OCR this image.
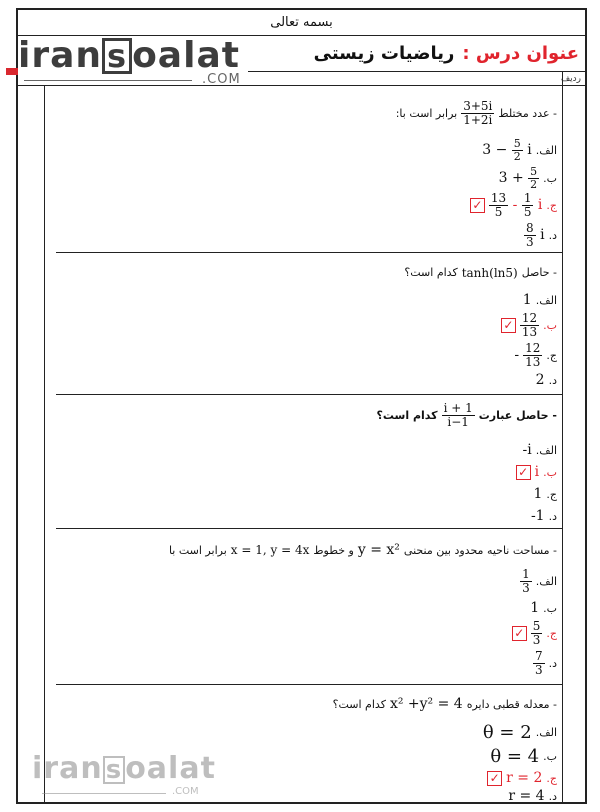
بسمه تعالی
iran s oalat	عنوان درس :ریاضیات زیستی
.COM	ردیف
- عدد مختلط
$\frac{3+5i}{1+2i}$
برابر است با:
الف.
$3 - \frac{5}{2}$ i
ب.
$3 + \frac{5}{2}$
ج.
$\frac{13}{5} - \frac{1}{5}$ i
✓
د.
$\frac{8}{3}$ i
- حاصل
tanh(ln5)
کدام است؟
الف.
1
ب.
$\frac{12}{13}$
✓
ج.
$\frac{12}{13}$
-
د.
2
- حاصل عبارت
$\frac{1 + i}{1-i}$
کدام است؟
الف.
-i
ب.
i
✓
ج.
1
د.
-1
- مساحت ناحیه محدود بین منحنی
y = x²
و خطوط
x = 1, y = 4x
برابر است با
الف.
$\frac{1}{3}$
ب.
1
ج.
$\frac{5}{3}$
✓
د.
$\frac{7}{3}$
- معدله قطبی دایره
x² +y² = 4
کدام است؟
الف.
θ = 2
ب.
θ = 4
ج.
r = 2
✓
د.
r = 4
iran s oalat
.COM
